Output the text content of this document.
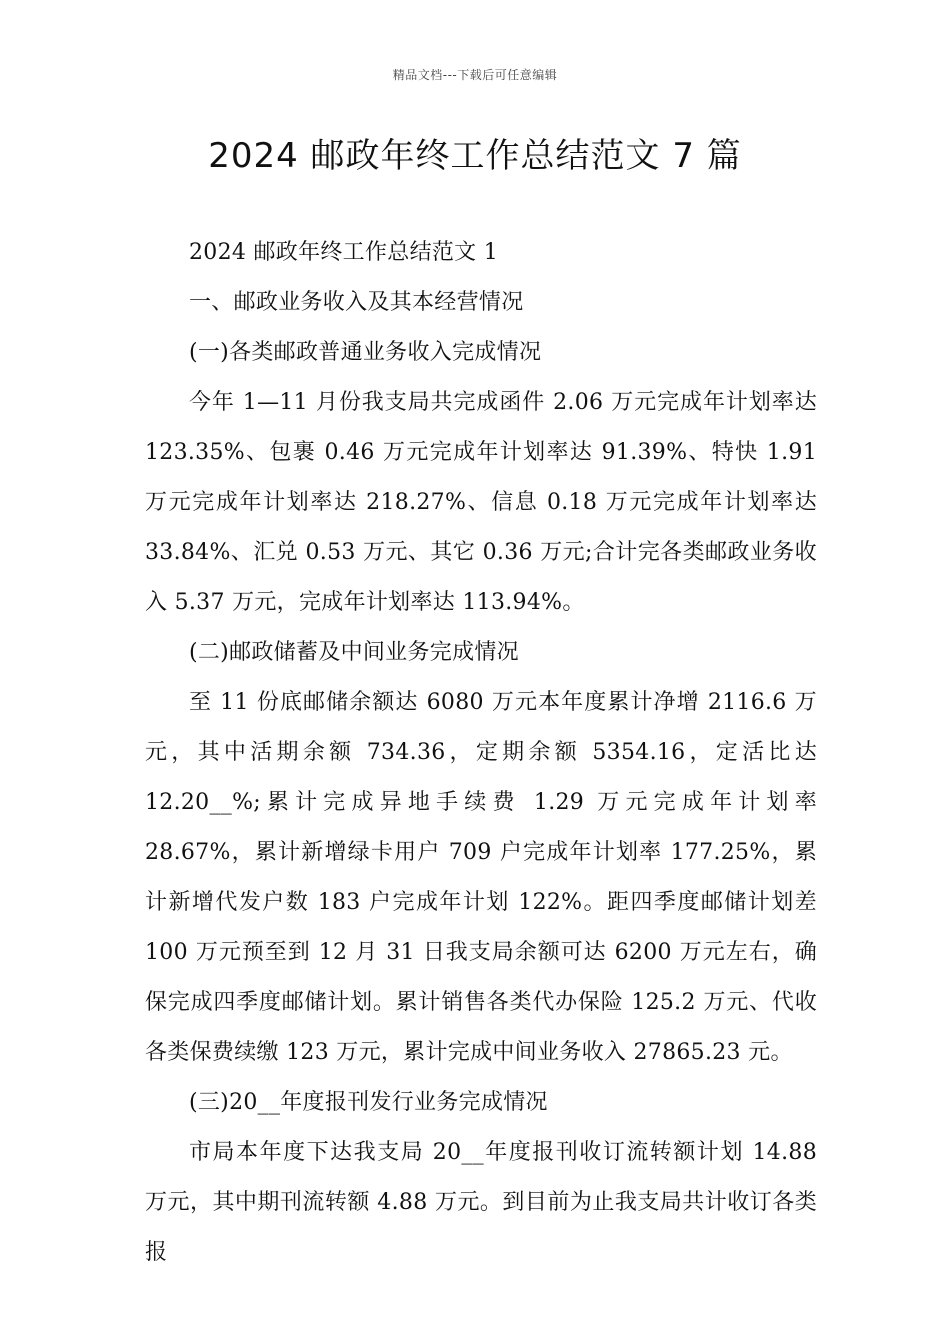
精品文档---下载后可任意编辑
2024 邮政年终工作总结范文 7 篇

2024 邮政年终工作总结范文 1

一、邮政业务收入及其本经营情况

(一)各类邮政普通业务收入完成情况

今年 1—11 月份我支局共完成函件 2.06 万元完成年计划率达 123.35%、包裹 0.46 万元完成年计划率达 91.39%、特快 1.91 万元完成年计划率达 218.27%、信息 0.18 万元完成年计划率达 33.84%、汇兑 0.53 万元、其它 0.36 万元;合计完各类邮政业务收入 5.37 万元，完成年计划率达 113.94%。

(二)邮政储蓄及中间业务完成情况

至 11 份底邮储余额达 6080 万元本年度累计净增 2116.6 万元，其中活期余额 734.36，定期余额 5354.16，定活比达 12.20__%;累计完成异地手续费 1.29 万元完成年计划率 28.67%，累计新增绿卡用户 709 户完成年计划率 177.25%，累计新增代发户数 183 户完成年计划 122%。距四季度邮储计划差 100 万元预至到 12 月 31 日我支局余额可达 6200 万元左右，确保完成四季度邮储计划。累计销售各类代办保险 125.2 万元、代收各类保费续缴 123 万元，累计完成中间业务收入 27865.23 元。

(三)20__年度报刊发行业务完成情况

市局本年度下达我支局 20__年度报刊收订流转额计划 14.88 万元，其中期刊流转额 4.88 万元。到目前为止我支局共计收订各类报
